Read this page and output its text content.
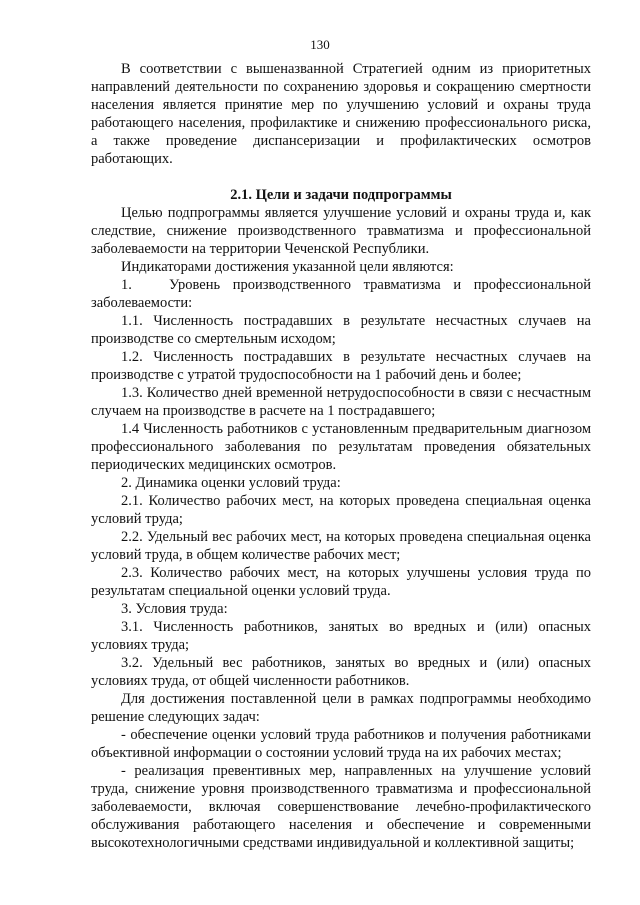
130

В соответствии с вышеназванной Стратегией одним из приоритетных направлений деятельности по сохранению здоровья и сокращению смертности населения является принятие мер по улучшению условий и охраны труда работающего населения, профилактике и снижению профессионального риска, а также проведение диспансеризации и профилактических осмотров работающих.

2.1. Цели и задачи подпрограммы

Целью подпрограммы является улучшение условий и охраны труда и, как следствие, снижение производственного травматизма и профессиональной заболеваемости на территории Чеченской Республики.

Индикаторами достижения указанной цели являются:

1.	Уровень производственного травматизма и профессиональной заболеваемости:

1.1. Численность пострадавших в результате несчастных случаев на производстве со смертельным исходом;

1.2. Численность пострадавших в результате несчастных случаев на производстве с утратой трудоспособности на 1 рабочий день и более;

1.3. Количество дней временной нетрудоспособности в связи с несчастным случаем на производстве в расчете на 1 пострадавшего;

1.4 Численность работников с установленным предварительным диагнозом профессионального заболевания по результатам проведения обязательных периодических медицинских осмотров.

2. Динамика оценки условий труда:

2.1. Количество рабочих мест, на которых проведена специальная оценка условий труда;

2.2. Удельный вес рабочих мест, на которых проведена специальная оценка условий труда, в общем количестве рабочих мест;

2.3. Количество рабочих мест, на которых улучшены условия труда по результатам специальной оценки условий труда.

3. Условия труда:

3.1. Численность работников, занятых во вредных и (или) опасных условиях труда;

3.2. Удельный вес работников, занятых во вредных и (или) опасных условиях труда, от общей численности работников.

Для достижения поставленной цели в рамках подпрограммы необходимо решение следующих задач:

- обеспечение оценки условий труда работников и получения работниками объективной информации о состоянии условий труда на их рабочих местах;

- реализация превентивных мер, направленных на улучшение условий труда, снижение уровня производственного травматизма и профессиональной заболеваемости, включая совершенствование лечебно-профилактического обслуживания работающего населения и обеспечение и современными высокотехнологичными средствами индивидуальной и коллективной защиты;
